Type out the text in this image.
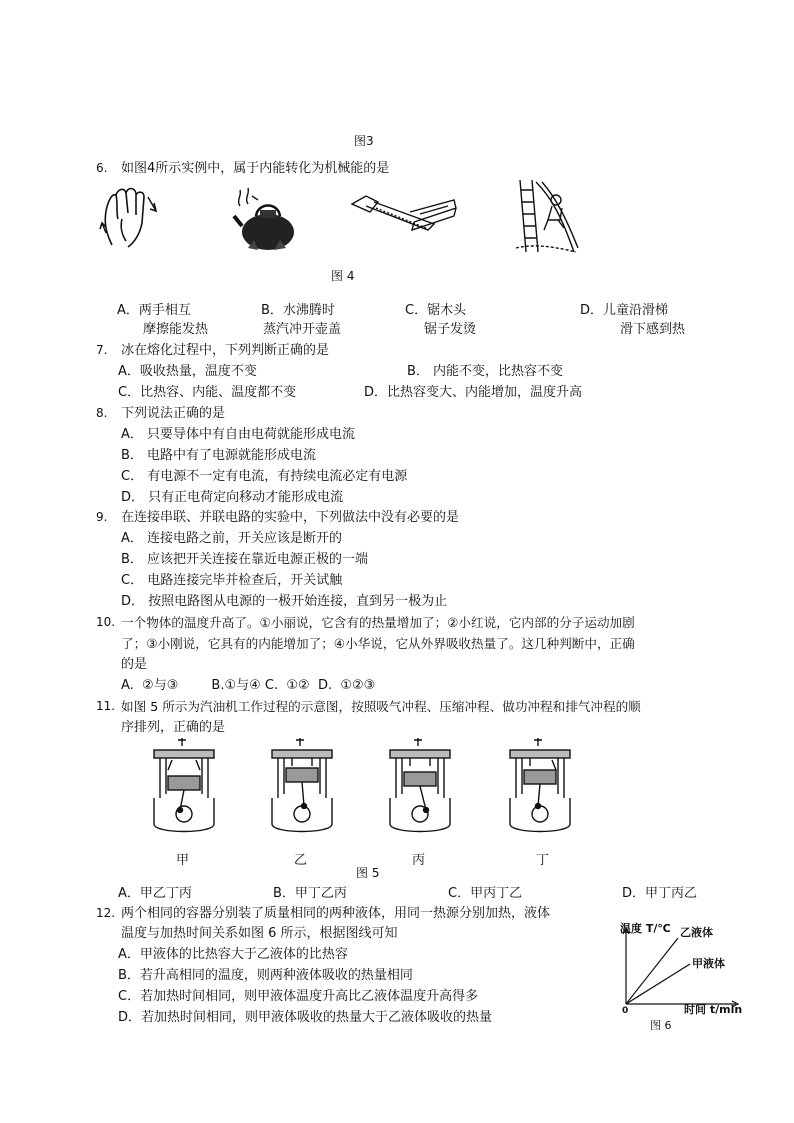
图3
6. 如图4所示实例中，属于内能转化为机械能的是
图 4
A．两手相互
摩擦能发热
B．水沸腾时
蒸汽冲开壶盖
C．锯木头
锯子发烫
D．儿童沿滑梯
滑下感到热
7. 冰在熔化过程中，下列判断正确的是
A．吸收热量，温度不变	B． 内能不变，比热容不变
C．比热容、内能、温度都不变	D．比热容变大、内能增加，温度升高
8. 下列说法正确的是
A． 只要导体中有自由电荷就能形成电流
B． 电路中有了电源就能形成电流
C． 有电源不一定有电流，有持续电流必定有电源
D． 只有正电荷定向移动才能形成电流
9. 在连接串联、并联电路的实验中，下列做法中没有必要的是
A． 连接电路之前，开关应该是断开的
B． 应该把开关连接在靠近电源正极的一端
C． 电路连接完毕并检查后，开关试触
D． 按照电路图从电源的一极开始连接，直到另一极为止
10. 一个物体的温度升高了。①小丽说，它含有的热量增加了；②小红说，它内部的分子运动加剧
了；③小刚说，它具有的内能增加了；④小华说，它从外界吸收热量了。这几种判断中，正确
的是
A.  ②与③        B.①与④ C.  ①②  D.  ①②③
11. 如图 5 所示为汽油机工作过程的示意图，按照吸气冲程、压缩冲程、做功冲程和排气冲程的顺
序排列，正确的是
甲	乙	丙	丁
图 5
A．甲乙丁丙	B．甲丁乙丙	C．甲丙丁乙	D．甲丁丙乙
12. 两个相同的容器分别装了质量相同的两种液体，用同一热源分别加热，液体
温度与加热时间关系如图 6 所示，根据图线可知
A．甲液体的比热容大于乙液体的比热容
B．若升高相同的温度，则两种液体吸收的热量相同
C．若加热时间相同，则甲液体温度升高比乙液体温度升高得多
D．若加热时间相同，则甲液体吸收的热量大于乙液体吸收的热量
温度 T/℃ 乙液体
甲液体
0	时间 t/min
图 6
